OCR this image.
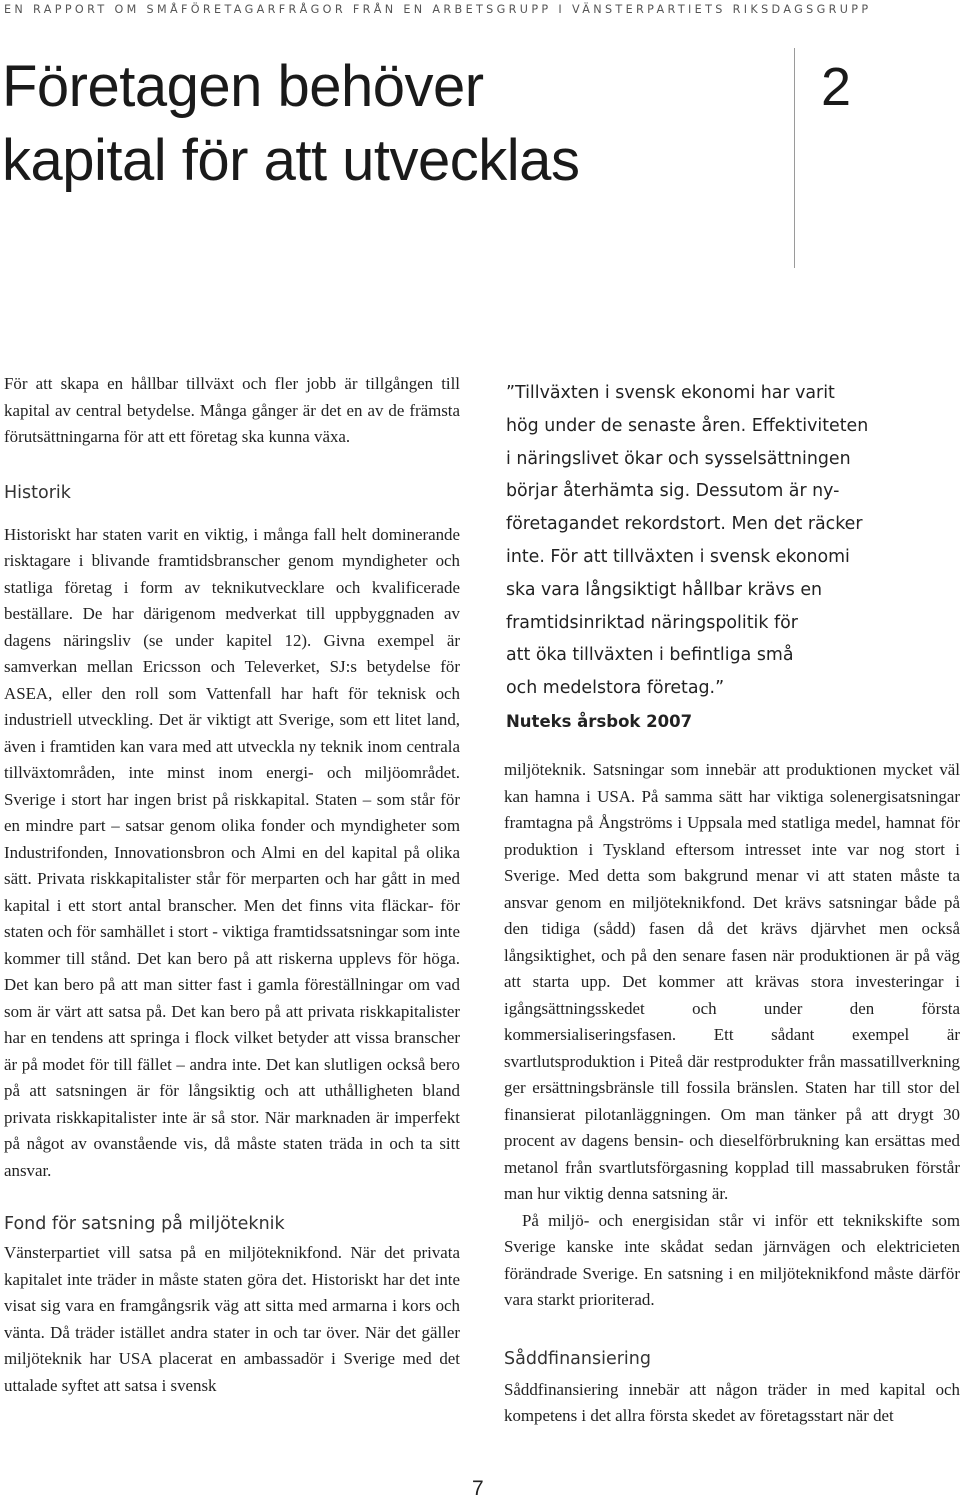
EN RAPPORT OM SMÅFÖRETAGARFRÅGOR FRÅN EN ARBETSGRUPP I VÄNSTERPARTIETS RIKSDAGSGRUPP
Företagen behöver
kapital för att utvecklas
2

För att skapa en hållbar tillväxt och fler jobb är tillgången till kapital av central betydelse. Många gånger är det en av de främsta förutsättningarna för att ett företag ska kunna växa.

Historik

Historiskt har staten varit en viktig, i många fall helt dominerande risktagare i blivande framtidsbranscher genom myndigheter och statliga företag i form av teknikutvecklare och kvalificerade beställare. De har därigenom medverkat till uppbyggnaden av dagens näringsliv (se under kapitel 12). Givna exempel är samverkan mellan Ericsson och Televerket, SJ:s betydelse för ASEA, eller den roll som Vattenfall har haft för teknisk och industriell utveckling. Det är viktigt att Sverige, som ett litet land, även i framtiden kan vara med att utveckla ny teknik inom centrala tillväxtområden, inte minst inom energi- och miljöområdet. Sverige i stort har ingen brist på riskkapital. Staten – som står för en mindre part – satsar genom olika fonder och myndigheter som Industrifonden, Innovationsbron och Almi en del kapital på olika sätt. Privata riskkapitalister står för merparten och har gått in med kapital i ett stort antal branscher. Men det finns vita fläckar- för staten och för samhället i stort - viktiga framtidssatsningar som inte kommer till stånd. Det kan bero på att riskerna upplevs för höga. Det kan bero på att man sitter fast i gamla föreställningar om vad som är värt att satsa på. Det kan bero på att privata riskkapitalister har en tendens att springa i flock vilket betyder att vissa branscher är på modet för till fället – andra inte. Det kan slutligen också bero på att satsningen är för långsiktig och att uthålligheten bland privata riskkapitalister inte är så stor. När marknaden är imperfekt på något av ovanstående vis, då måste staten träda in och ta sitt ansvar.

Fond för satsning på miljöteknik

Vänsterpartiet vill satsa på en miljöteknikfond. När det privata kapitalet inte träder in måste staten göra det. Historiskt har det inte visat sig vara en framgångsrik väg att sitta med armarna i kors och vänta. Då träder istället andra stater in och tar över. När det gäller miljöteknik har USA placerat en ambassadör i Sverige med det uttalade syftet att satsa i svensk

”Tillväxten i svensk ekonomi har varit
hög under de senaste åren. Effektiviteten
i näringslivet ökar och sysselsättningen
börjar återhämta sig. Dessutom är ny-
företagandet rekordstort. Men det räcker
inte. För att tillväxten i svensk ekonomi
ska vara långsiktigt hållbar krävs en
framtidsinriktad näringspolitik för
att öka tillväxten i befintliga små
och medelstora företag.”
Nuteks årsbok 2007

miljöteknik. Satsningar som innebär att produktionen mycket väl kan hamna i USA. På samma sätt har viktiga solenergisatsningar framtagna på Ångströms i Uppsala med statliga medel, hamnat för produktion i Tyskland eftersom intresset inte var nog stort i Sverige. Med detta som bakgrund menar vi att staten måste ta ansvar genom en miljöteknikfond. Det krävs satsningar både på den tidiga (sådd) fasen då det krävs djärvhet men också långsiktighet, och på den senare fasen när produktionen är på väg att starta upp. Det kommer att krävas stora investeringar i igångsättningsskedet och under den första kommersialiseringsfasen. Ett sådant exempel är svartlutsproduktion i Piteå där restprodukter från massatillverkning ger ersättningsbränsle till fossila bränslen. Staten har till stor del finansierat pilotanläggningen. Om man tänker på att drygt 30 procent av dagens bensin- och dieselförbrukning kan ersättas med metanol från svartlutsförgasning kopplad till massabruken förstår man hur viktig denna satsning är.

På miljö- och energisidan står vi inför ett teknikskifte som Sverige kanske inte skådat sedan järnvägen och elektricieten förändrade Sverige. En satsning i en miljöteknikfond måste därför vara starkt prioriterad.

Såddfinansiering

Såddfinansiering innebär att någon träder in med kapital och kompetens i det allra första skedet av företagsstart när det

7
